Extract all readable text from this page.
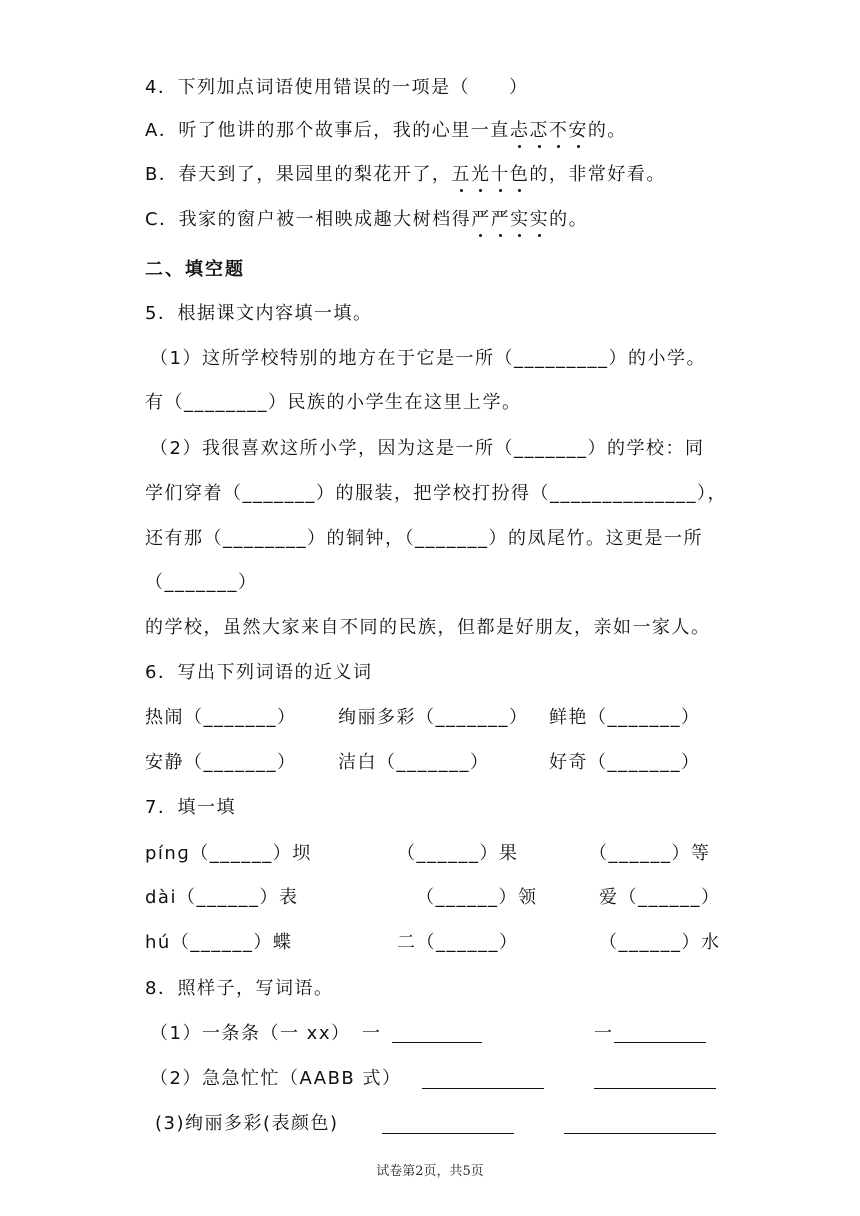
4．下列加点词语使用错误的一项是（　　）
A．听了他讲的那个故事后，我的心里一直忐忑不安的。
B．春天到了，果园里的梨花开了，五光十色的，非常好看。
C．我家的窗户被一相映成趣大树档得严严实实的。
二、填空题
5．根据课文内容填一填。
（1）这所学校特别的地方在于它是一所（_________）的小学。
有（________）民族的小学生在这里上学。
（2）我很喜欢这所小学，因为这是一所（_______）的学校：同
学们穿着（_______）的服装，把学校打扮得（______________），
还有那（________）的铜钟，（_______）的凤尾竹。这更是一所
（_______）
的学校，虽然大家来自不同的民族，但都是好朋友，亲如一家人。
6．写出下列词语的近义词
热闹（_______） 绚丽多彩（_______） 鲜艳（_______）
安静（_______） 洁白（_______）	好奇（_______）
7．填一填
pínɡ（______）坝	（______）果	（______）等
dài（______）表	（______）领	爱（______）
hú（______）蝶	二（______）	（______）水
8．照样子，写词语。
（1）一条条（一 xx） 一	一
（2）急急忙忙（AABB 式）
(3)绚丽多彩(表颜色)
试卷第2页，共5页
